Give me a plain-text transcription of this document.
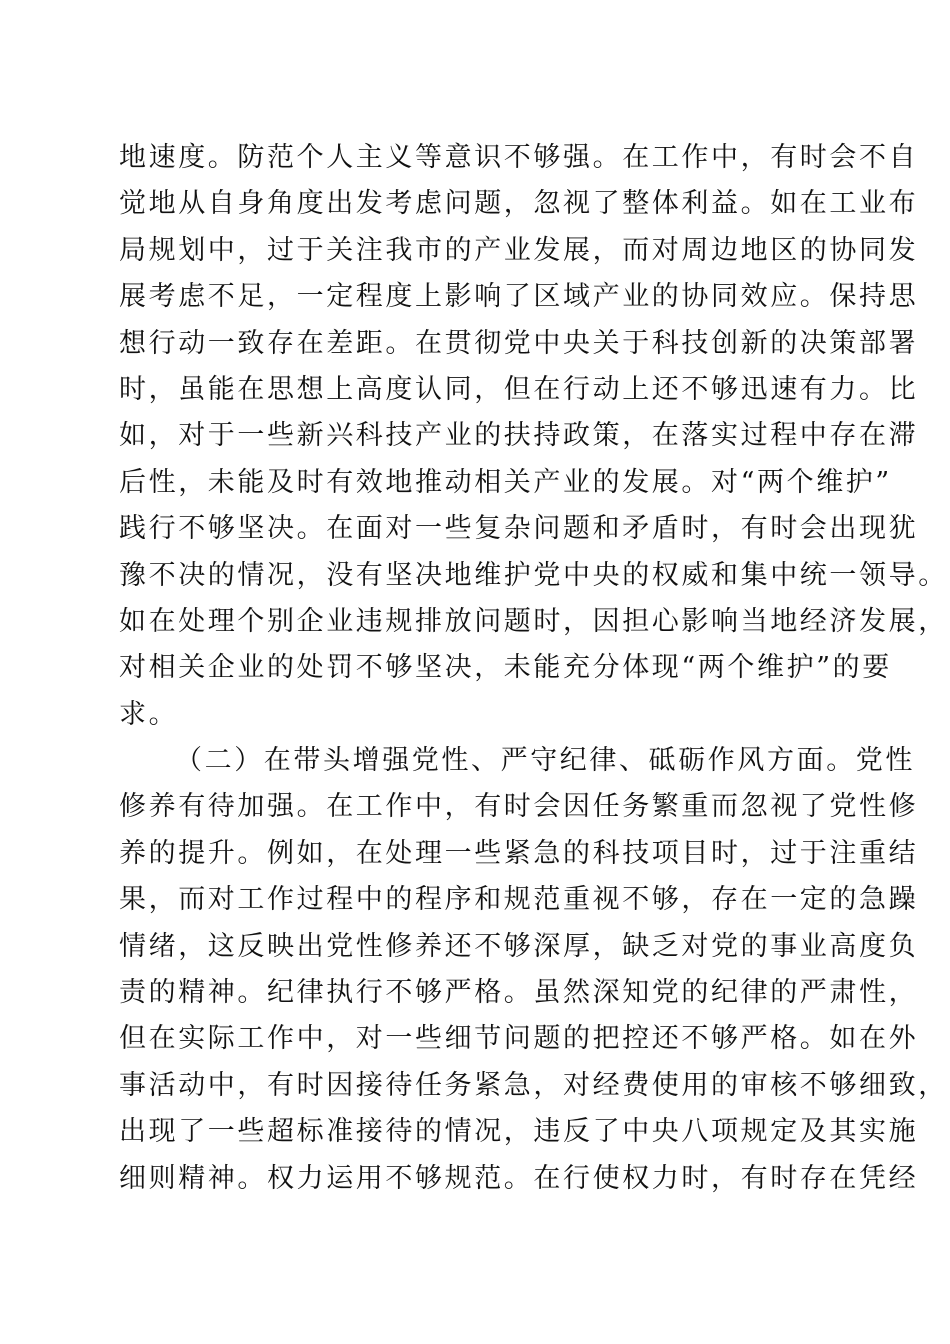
地速度。防范个人主义等意识不够强。在工作中，有时会不自
觉地从自身角度出发考虑问题，忽视了整体利益。如在工业布
局规划中，过于关注我市的产业发展，而对周边地区的协同发
展考虑不足，一定程度上影响了区域产业的协同效应。保持思
想行动一致存在差距。在贯彻党中央关于科技创新的决策部署
时，虽能在思想上高度认同，但在行动上还不够迅速有力。比
如，对于一些新兴科技产业的扶持政策，在落实过程中存在滞
后性，未能及时有效地推动相关产业的发展。对“两个维护”
践行不够坚决。在面对一些复杂问题和矛盾时，有时会出现犹
豫不决的情况，没有坚决地维护党中央的权威和集中统一领导。
如在处理个别企业违规排放问题时，因担心影响当地经济发展，
对相关企业的处罚不够坚决，未能充分体现“两个维护”的要
求。
（二）在带头增强党性、严守纪律、砥砺作风方面。党性
修养有待加强。在工作中，有时会因任务繁重而忽视了党性修
养的提升。例如，在处理一些紧急的科技项目时，过于注重结
果，而对工作过程中的程序和规范重视不够，存在一定的急躁
情绪，这反映出党性修养还不够深厚，缺乏对党的事业高度负
责的精神。纪律执行不够严格。虽然深知党的纪律的严肃性，
但在实际工作中，对一些细节问题的把控还不够严格。如在外
事活动中，有时因接待任务紧急，对经费使用的审核不够细致，
出现了一些超标准接待的情况，违反了中央八项规定及其实施
细则精神。权力运用不够规范。在行使权力时，有时存在凭经
